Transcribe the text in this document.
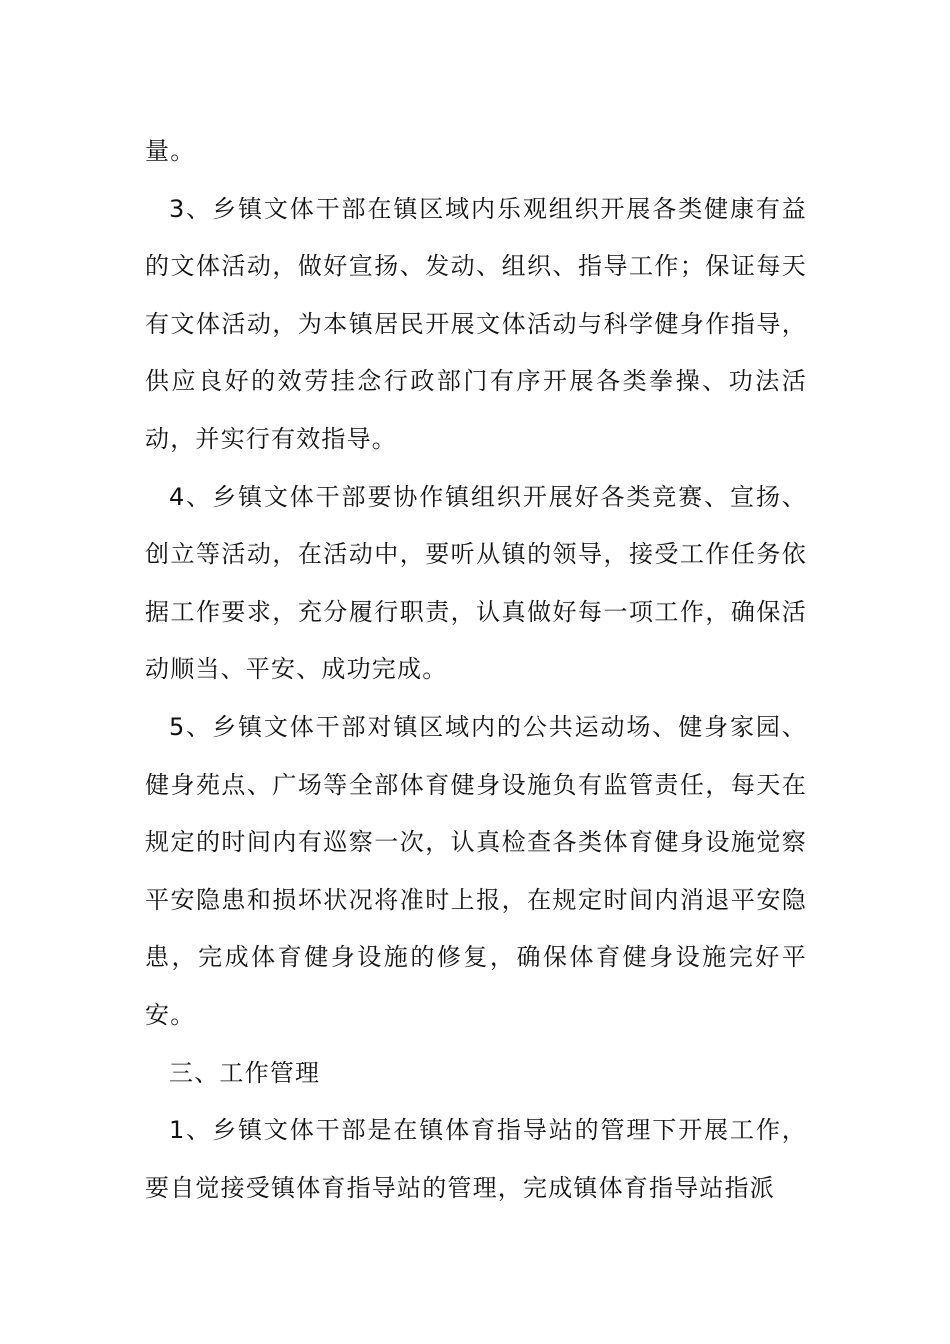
量。

3、乡镇文体干部在镇区域内乐观组织开展各类健康有益的文体活动，做好宣扬、发动、组织、指导工作；保证每天有文体活动，为本镇居民开展文体活动与科学健身作指导，供应良好的效劳挂念行政部门有序开展各类拳操、功法活动，并实行有效指导。

4、乡镇文体干部要协作镇组织开展好各类竞赛、宣扬、创立等活动，在活动中，要听从镇的领导，接受工作任务依据工作要求，充分履行职责，认真做好每一项工作，确保活动顺当、平安、成功完成。

5、乡镇文体干部对镇区域内的公共运动场、健身家园、健身苑点、广场等全部体育健身设施负有监管责任，每天在规定的时间内有巡察一次，认真检查各类体育健身设施觉察平安隐患和损坏状况将准时上报，在规定时间内消退平安隐患，完成体育健身设施的修复，确保体育健身设施完好平安。

三、工作管理

1、乡镇文体干部是在镇体育指导站的管理下开展工作，要自觉接受镇体育指导站的管理，完成镇体育指导站指派
